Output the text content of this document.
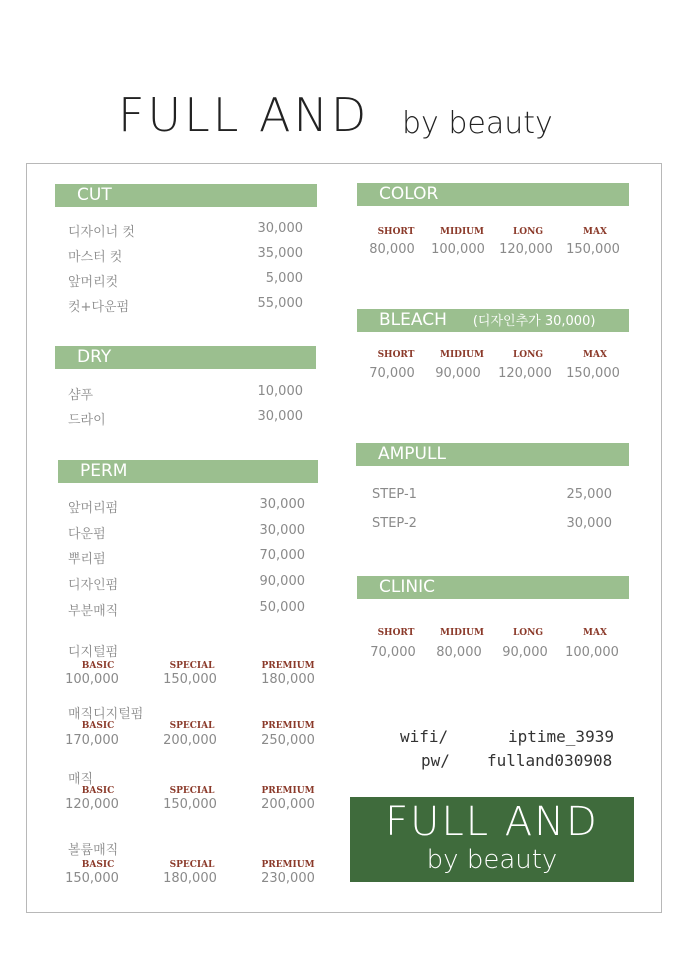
FULL AND by beauty
CUT
디자이너 컷	30,000
마스터 컷	35,000
앞머리컷	5,000
컷+다운펌	55,000
DRY
샴푸	10,000
드라이	30,000
PERM
앞머리펌	30,000
다운펌	30,000
뿌리펌	70,000
디자인펌	90,000
부분매직	50,000
디지털펌
BASIC	SPECIAL	PREMIUM
100,000	150,000	180,000
매직디지털펌
BASIC	SPECIAL	PREMIUM
170,000	200,000	250,000
매직
BASIC	SPECIAL	PREMIUM
120,000	150,000	200,000
볼륨매직
BASIC	SPECIAL	PREMIUM
150,000	180,000	230,000
COLOR
SHORT	MIDIUM	LONG	MAX
80,000	100,000	120,000	150,000
BLEACH (디자인추가 30,000)
SHORT	MIDIUM	LONG	MAX
70,000	90,000	120,000	150,000
AMPULL
STEP-1	25,000
STEP-2	30,000
CLINIC
SHORT	MIDIUM	LONG	MAX
70,000	80,000	90,000	100,000
wifi/	iptime_3939
pw/ fulland030908
FULL AND
by beauty
